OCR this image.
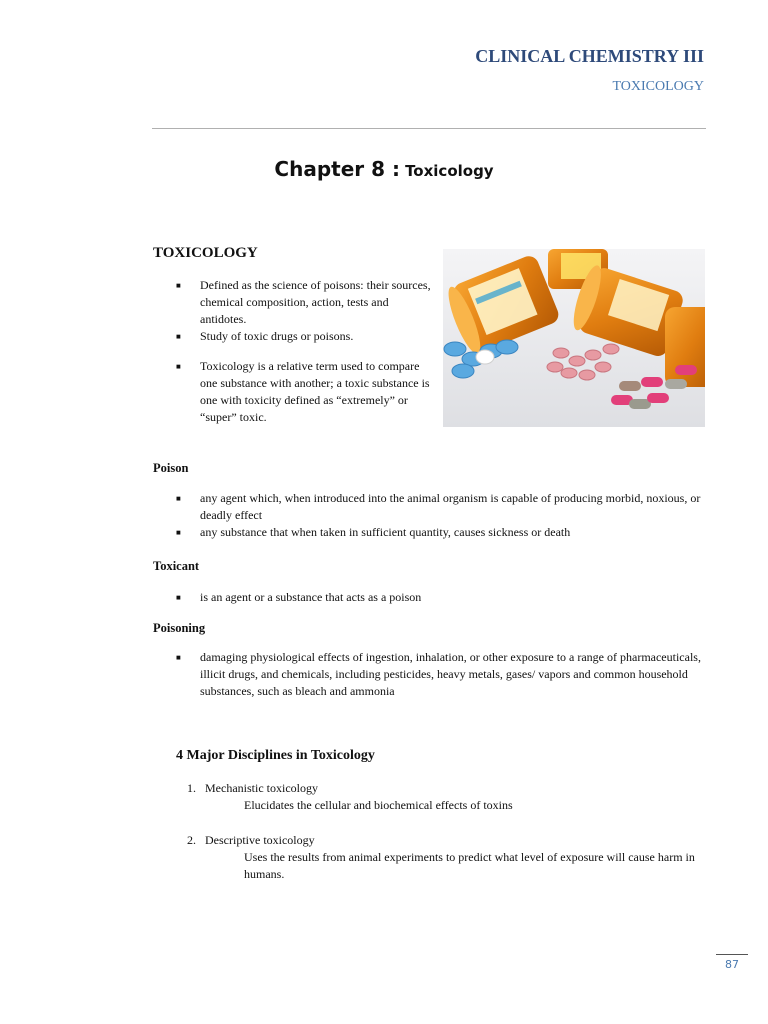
CLINICAL CHEMISTRY III
TOXICOLOGY
Chapter 8 : Toxicology
TOXICOLOGY
■ Defined as the science of poisons: their sources, chemical composition, action, tests and antidotes.
■ Study of toxic drugs or poisons.
■ Toxicology is a relative term used to compare one substance with another; a toxic substance is one with toxicity defined as “extremely” or “super” toxic.
Poison
■ any agent which, when introduced into the animal organism is capable of producing morbid, noxious, or deadly effect
■ any substance that when taken in sufficient quantity, causes sickness or death
Toxicant
■ is an agent or a substance that acts as a poison
Poisoning
■ damaging physiological effects of ingestion, inhalation, or other exposure to a range of pharmaceuticals, illicit drugs, and chemicals, including pesticides, heavy metals, gases/ vapors and common household substances, such as bleach and ammonia
4 Major Disciplines in Toxicology
1. Mechanistic toxicology
Elucidates the cellular and biochemical effects of toxins
2. Descriptive toxicology
Uses the results from animal experiments to predict what level of exposure will cause harm in humans.
87
